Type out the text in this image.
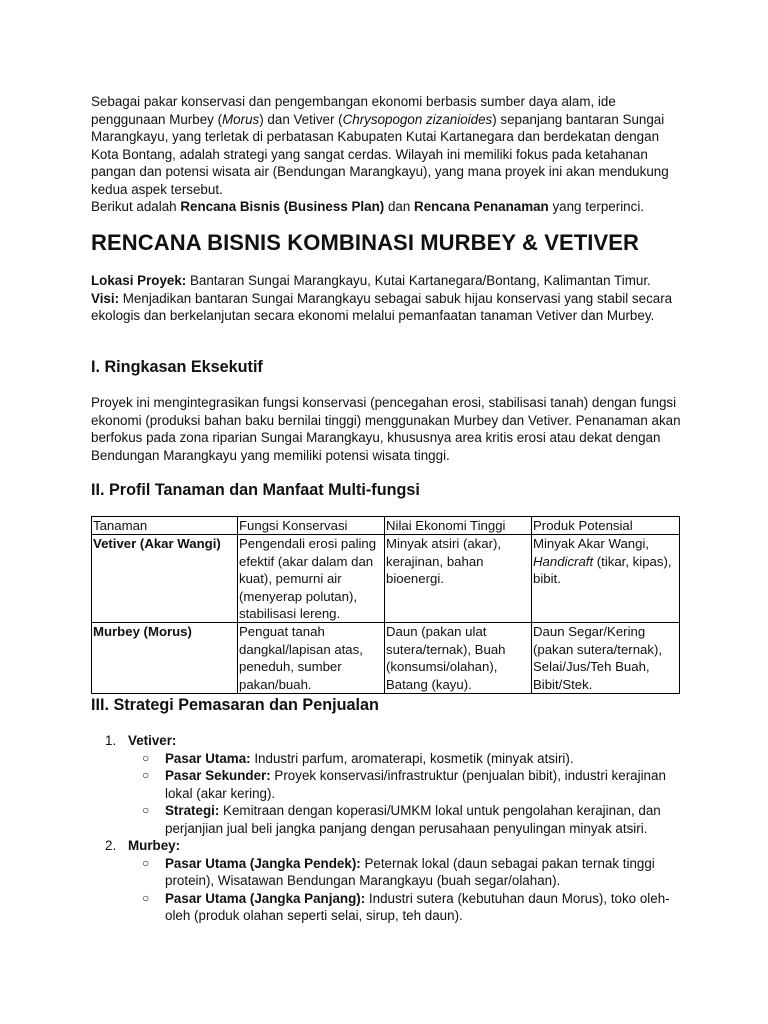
Sebagai pakar konservasi dan pengembangan ekonomi berbasis sumber daya alam, ide penggunaan Murbey (Morus) dan Vetiver (Chrysopogon zizanioides) sepanjang bantaran Sungai Marangkayu, yang terletak di perbatasan Kabupaten Kutai Kartanegara dan berdekatan dengan Kota Bontang, adalah strategi yang sangat cerdas. Wilayah ini memiliki fokus pada ketahanan pangan dan potensi wisata air (Bendungan Marangkayu), yang mana proyek ini akan mendukung kedua aspek tersebut.

Berikut adalah Rencana Bisnis (Business Plan) dan Rencana Penanaman yang terperinci.

RENCANA BISNIS KOMBINASI MURBEY & VETIVER

Lokasi Proyek: Bantaran Sungai Marangkayu, Kutai Kartanegara/Bontang, Kalimantan Timur.

Visi: Menjadikan bantaran Sungai Marangkayu sebagai sabuk hijau konservasi yang stabil secara ekologis dan berkelanjutan secara ekonomi melalui pemanfaatan tanaman Vetiver dan Murbey.

I. Ringkasan Eksekutif

Proyek ini mengintegrasikan fungsi konservasi (pencegahan erosi, stabilisasi tanah) dengan fungsi ekonomi (produksi bahan baku bernilai tinggi) menggunakan Murbey dan Vetiver. Penanaman akan berfokus pada zona riparian Sungai Marangkayu, khususnya area kritis erosi atau dekat dengan Bendungan Marangkayu yang memiliki potensi wisata tinggi.

II. Profil Tanaman dan Manfaat Multi-fungsi
Tanaman	Fungsi Konservasi	Nilai Ekonomi Tinggi	Produk Potensial
Vetiver (Akar Wangi)	Pengendali erosi paling efektif (akar dalam dan kuat), pemurni air (menyerap polutan), stabilisasi lereng.	Minyak atsiri (akar), kerajinan, bahan bioenergi.	Minyak Akar Wangi, Handicraft (tikar, kipas), bibit.
Murbey (Morus)	Penguat tanah dangkal/lapisan atas, peneduh, sumber pakan/buah.	Daun (pakan ulat sutera/ternak), Buah (konsumsi/olahan), Batang (kayu).	Daun Segar/Kering (pakan sutera/ternak), Selai/Jus/Teh Buah, Bibit/Stek.
III. Strategi Pemasaran dan Penjualan
1. Vetiver:
○ Pasar Utama: Industri parfum, aromaterapi, kosmetik (minyak atsiri).
○ Pasar Sekunder: Proyek konservasi/infrastruktur (penjualan bibit), industri kerajinan lokal (akar kering).
○ Strategi: Kemitraan dengan koperasi/UMKM lokal untuk pengolahan kerajinan, dan perjanjian jual beli jangka panjang dengan perusahaan penyulingan minyak atsiri.
2. Murbey:
○ Pasar Utama (Jangka Pendek): Peternak lokal (daun sebagai pakan ternak tinggi protein), Wisatawan Bendungan Marangkayu (buah segar/olahan).
○ Pasar Utama (Jangka Panjang): Industri sutera (kebutuhan daun Morus), toko oleh-oleh (produk olahan seperti selai, sirup, teh daun).
